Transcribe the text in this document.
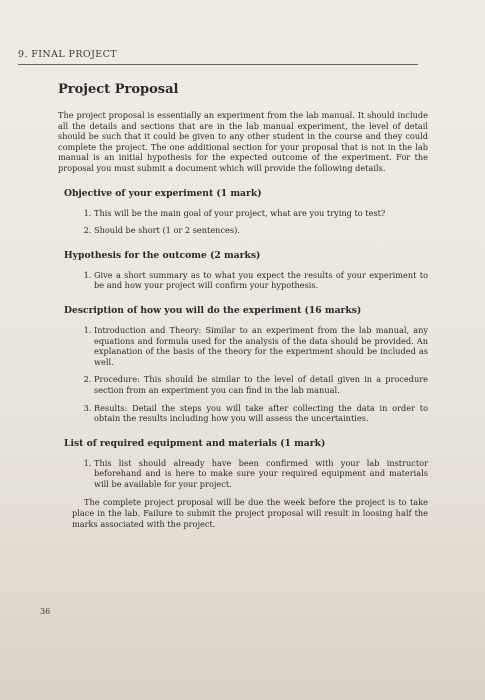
9. FINAL PROJECT
Project Proposal

The project proposal is essentially an experiment from the lab manual. It should include all the details and sections that are in the lab manual experiment, the level of detail should be such that it could be given to any other student in the course and they could complete the project. The one additional section for your proposal that is not in the lab manual is an initial hypothesis for the expected outcome of the experiment. For the proposal you must submit a document which will provide the following details.

Objective of your experiment (1 mark)
1. This will be the main goal of your project, what are you trying to test?
2. Should be short (1 or 2 sentences).
Hypothesis for the outcome (2 marks)
1. Give a short summary as to what you expect the results of your experiment to be and how your project will confirm your hypothesis.
Description of how you will do the experiment (16 marks)
1. Introduction and Theory: Similar to an experiment from the lab manual, any equations and formula used for the analysis of the data should be provided. An explanation of the basis of the theory for the experiment should be included as well.
2. Procedure: This should be similar to the level of detail given in a procedure section from an experiment you can find in the lab manual.
3. Results: Detail the steps you will take after collecting the data in order to obtain the results including how you will assess the uncertainties.
List of required equipment and materials (1 mark)
1. This list should already have been confirmed with your lab instructor beforehand and is here to make sure your required equipment and materials will be available for your project.

The complete project proposal will be due the week before the project is to take place in the lab. Failure to submit the project proposal will result in loosing half the marks associated with the project.

36
